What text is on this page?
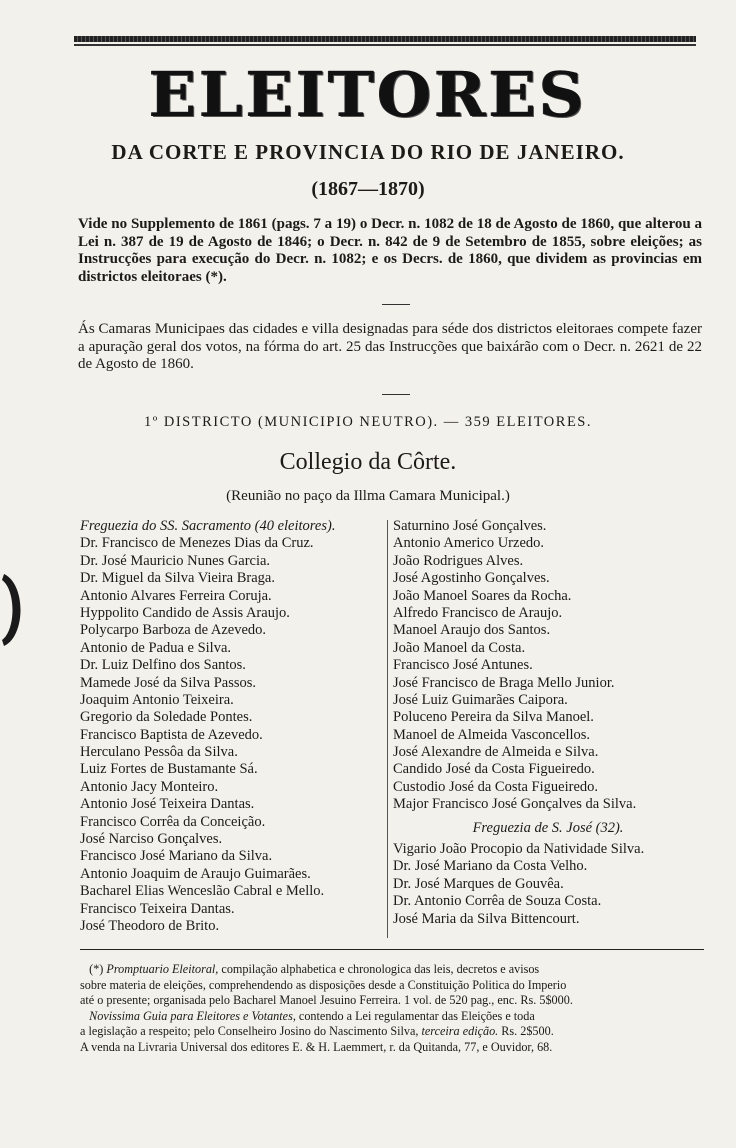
ELEITORES
DA CORTE E PROVINCIA DO RIO DE JANEIRO.
(1867—1870)
Vide no Supplemento de 1861 (pags. 7 a 19) o Decr. n. 1082 de 18 de Agosto de 1860, que alterou a Lei n. 387 de 19 de Agosto de 1846; o Decr. n. 842 de 9 de Setembro de 1855, sobre eleições; as Instrucções para execução do Decr. n. 1082; e os Decrs. de 1860, que dividem as provincias em districtos eleitoraes (*).
Ás Camaras Municipaes das cidades e villa designadas para séde dos districtos eleitoraes compete fazer a apuração geral dos votos, na fórma do art. 25 das Instrucções que baixárão com o Decr. n. 2621 de 22 de Agosto de 1860.
1º DISTRICTO (MUNICIPIO NEUTRO). — 359 ELEITORES.
Collegio da Côrte.
(Reunião no paço da Illma Camara Municipal.)
Freguezia do SS. Sacramento (40 eleitores).
Dr. Francisco de Menezes Dias da Cruz.
Dr. José Mauricio Nunes Garcia.
Dr. Miguel da Silva Vieira Braga.
Antonio Alvares Ferreira Coruja.
Hyppolito Candido de Assis Araujo.
Polycarpo Barboza de Azevedo.
Antonio de Padua e Silva.
Dr. Luiz Delfino dos Santos.
Mamede José da Silva Passos.
Joaquim Antonio Teixeira.
Gregorio da Soledade Pontes.
Francisco Baptista de Azevedo.
Herculano Pessôa da Silva.
Luiz Fortes de Bustamante Sá.
Antonio Jacy Monteiro.
Antonio José Teixeira Dantas.
Francisco Corrêa da Conceição.
José Narciso Gonçalves.
Francisco José Mariano da Silva.
Antonio Joaquim de Araujo Guimarães.
Bacharel Elias Wenceslão Cabral e Mello.
Francisco Teixeira Dantas.
José Theodoro de Brito.
Saturnino José Gonçalves.
Antonio Americo Urzedo.
João Rodrigues Alves.
José Agostinho Gonçalves.
João Manoel Soares da Rocha.
Alfredo Francisco de Araujo.
Manoel Araujo dos Santos.
João Manoel da Costa.
Francisco José Antunes.
José Francisco de Braga Mello Junior.
José Luiz Guimarães Caipora.
Poluceno Pereira da Silva Manoel.
Manoel de Almeida Vasconcellos.
José Alexandre de Almeida e Silva.
Candido José da Costa Figueiredo.
Custodio José da Costa Figueiredo.
Major Francisco José Gonçalves da Silva.
Freguezia de S. José (32).
Vigario João Procopio da Natividade Silva.
Dr. José Mariano da Costa Velho.
Dr. José Marques de Gouvêa.
Dr. Antonio Corrêa de Souza Costa.
José Maria da Silva Bittencourt.
(*) Promptuario Eleitoral, compilação alphabetica e chronologica das leis, decretos e avisos
sobre materia de eleições, comprehendendo as disposições desde a Constituição Politica do Imperio
até o presente; organisada pelo Bacharel Manoel Jesuino Ferreira. 1 vol. de 520 pag., enc. Rs. 5$000.
Novissima Guia para Eleitores e Votantes, contendo a Lei regulamentar das Eleições e toda
a legislação a respeito; pelo Conselheiro Josino do Nascimento Silva, terceira edição. Rs. 2$500.
A venda na Livraria Universal dos editores E. & H. Laemmert, r. da Quitanda, 77, e Ouvidor, 68.
